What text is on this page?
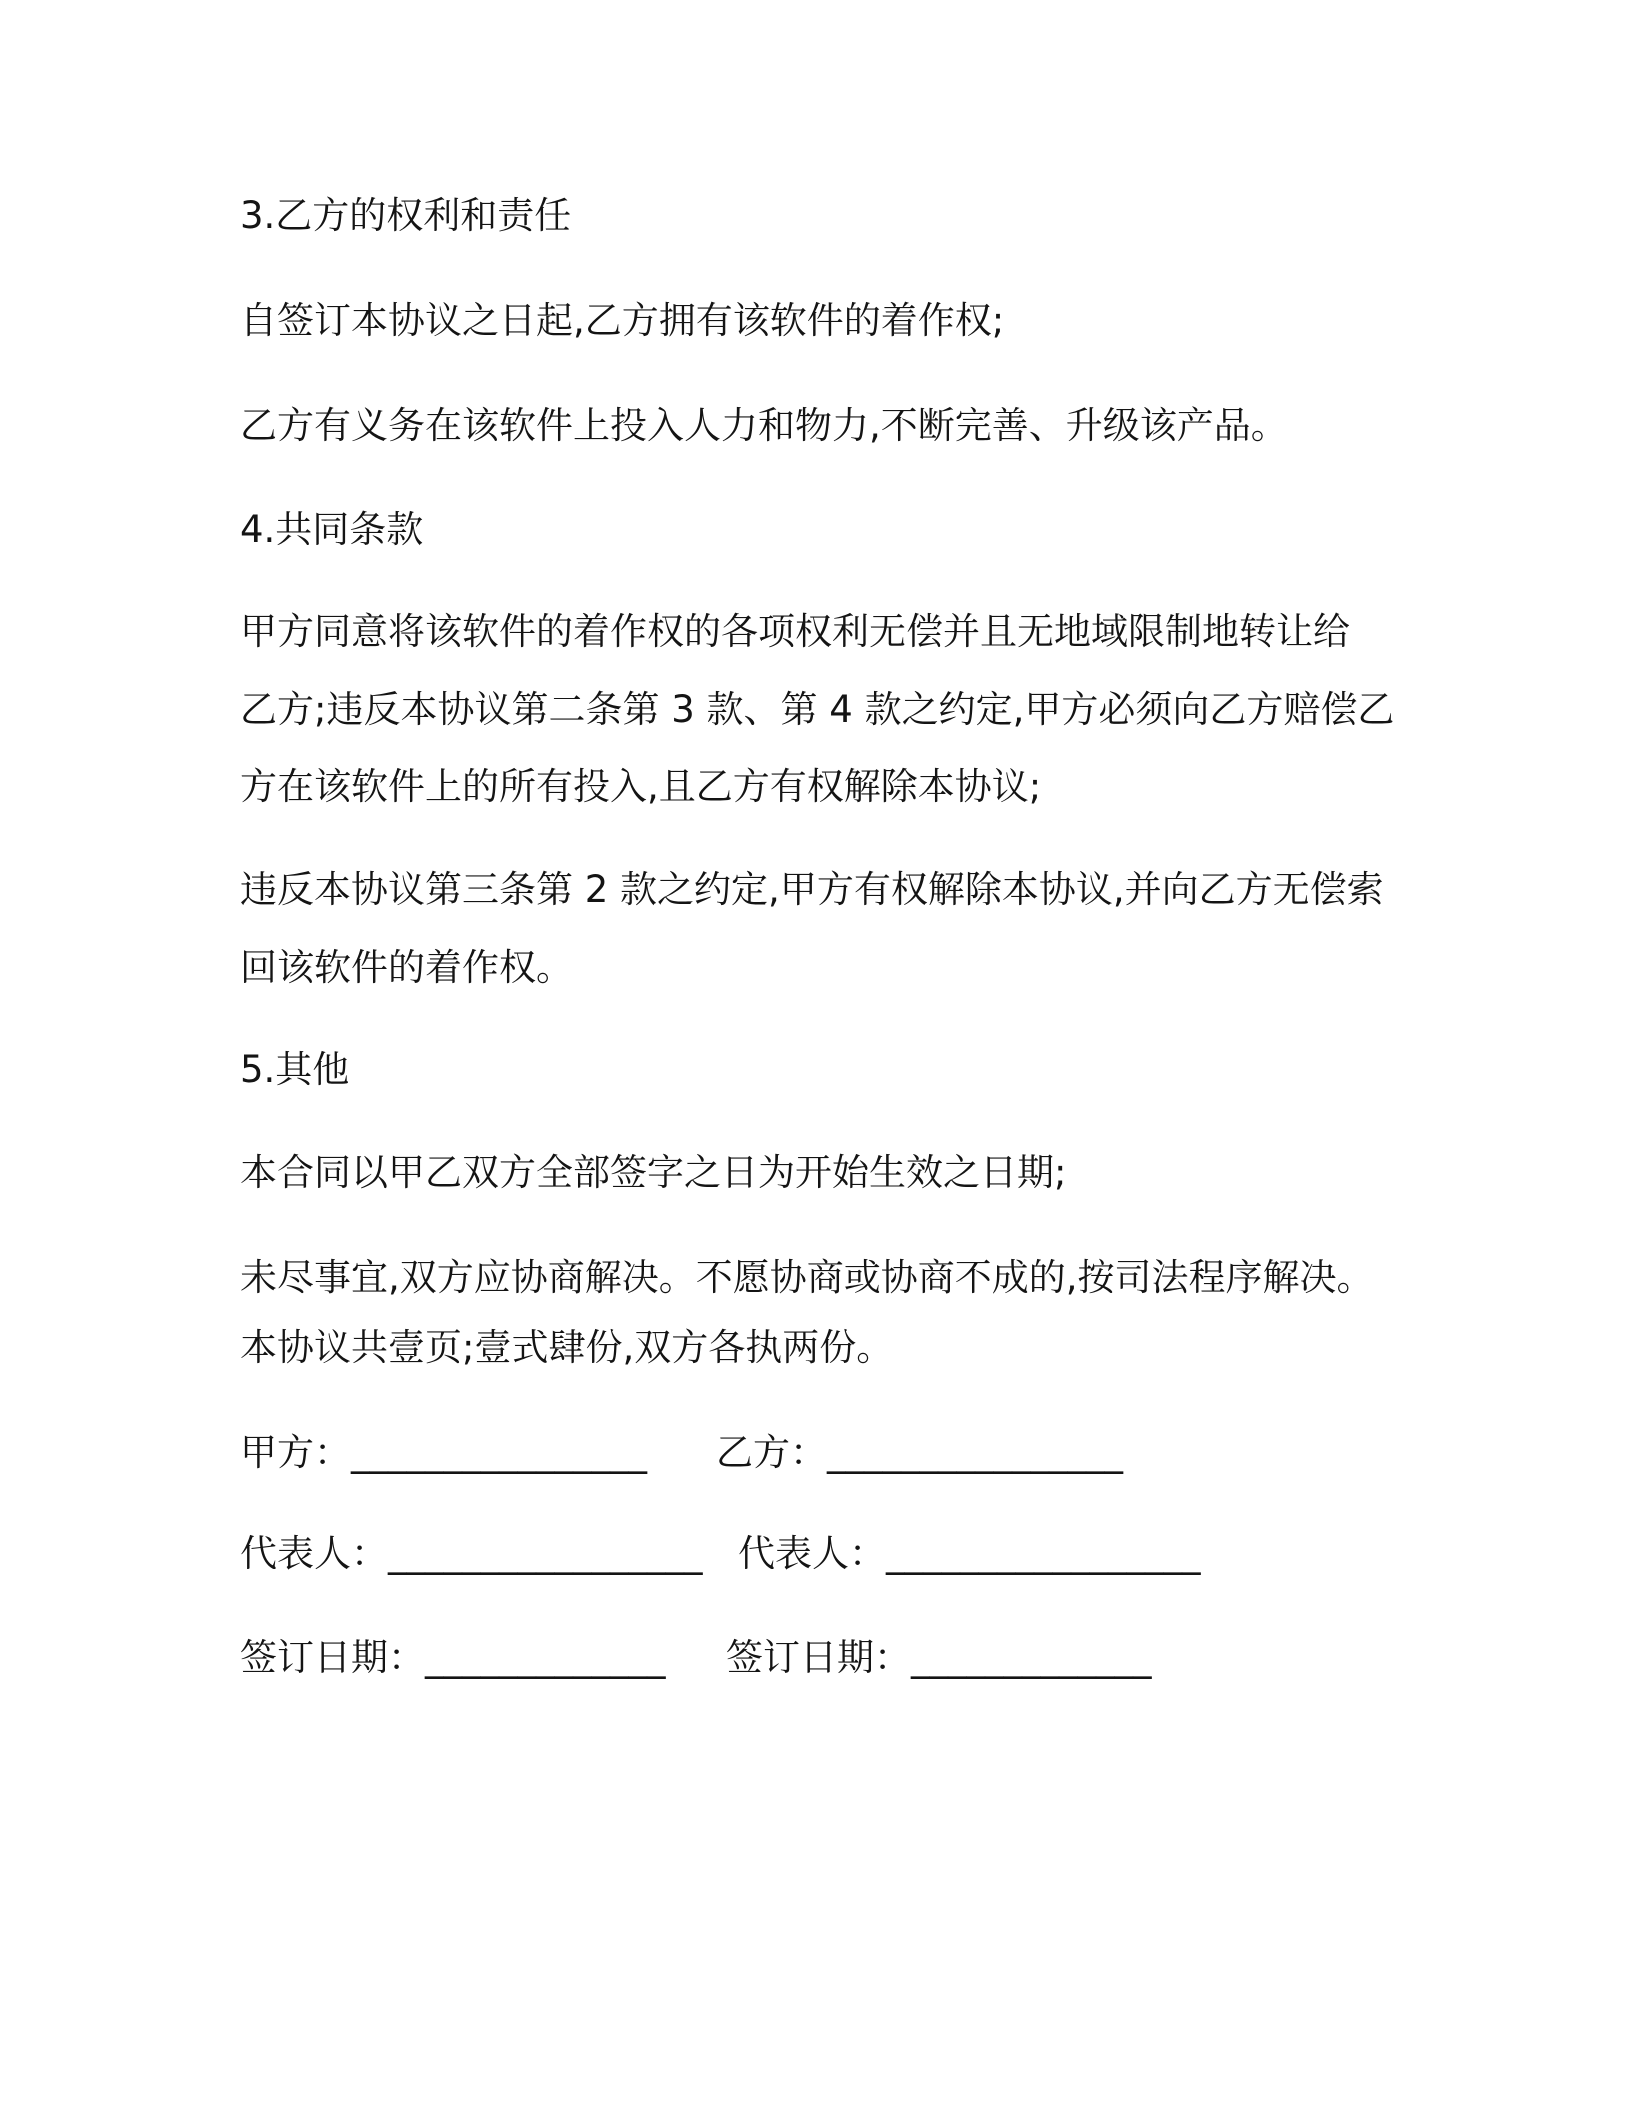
3.乙方的权利和责任

自签订本协议之日起,乙方拥有该软件的着作权;

乙方有义务在该软件上投入人力和物力,不断完善、升级该产品。

4.共同条款

甲方同意将该软件的着作权的各项权利无偿并且无地域限制地转让给

乙方;违反本协议第二条第 3 款、第 4 款之约定,甲方必须向乙方赔偿乙

方在该软件上的所有投入,且乙方有权解除本协议;

违反本协议第三条第 2 款之约定,甲方有权解除本协议,并向乙方无偿索

回该软件的着作权。

5.其他

本合同以甲乙双方全部签字之日为开始生效之日期;

未尽事宜,双方应协商解决。不愿协商或协商不成的,按司法程序解决。

本协议共壹页;壹式肆份,双方各执两份。

甲方：________________ 乙方：________________

代表人：_________________ 代表人：_________________

签订日期：_____________ 签订日期：_____________
